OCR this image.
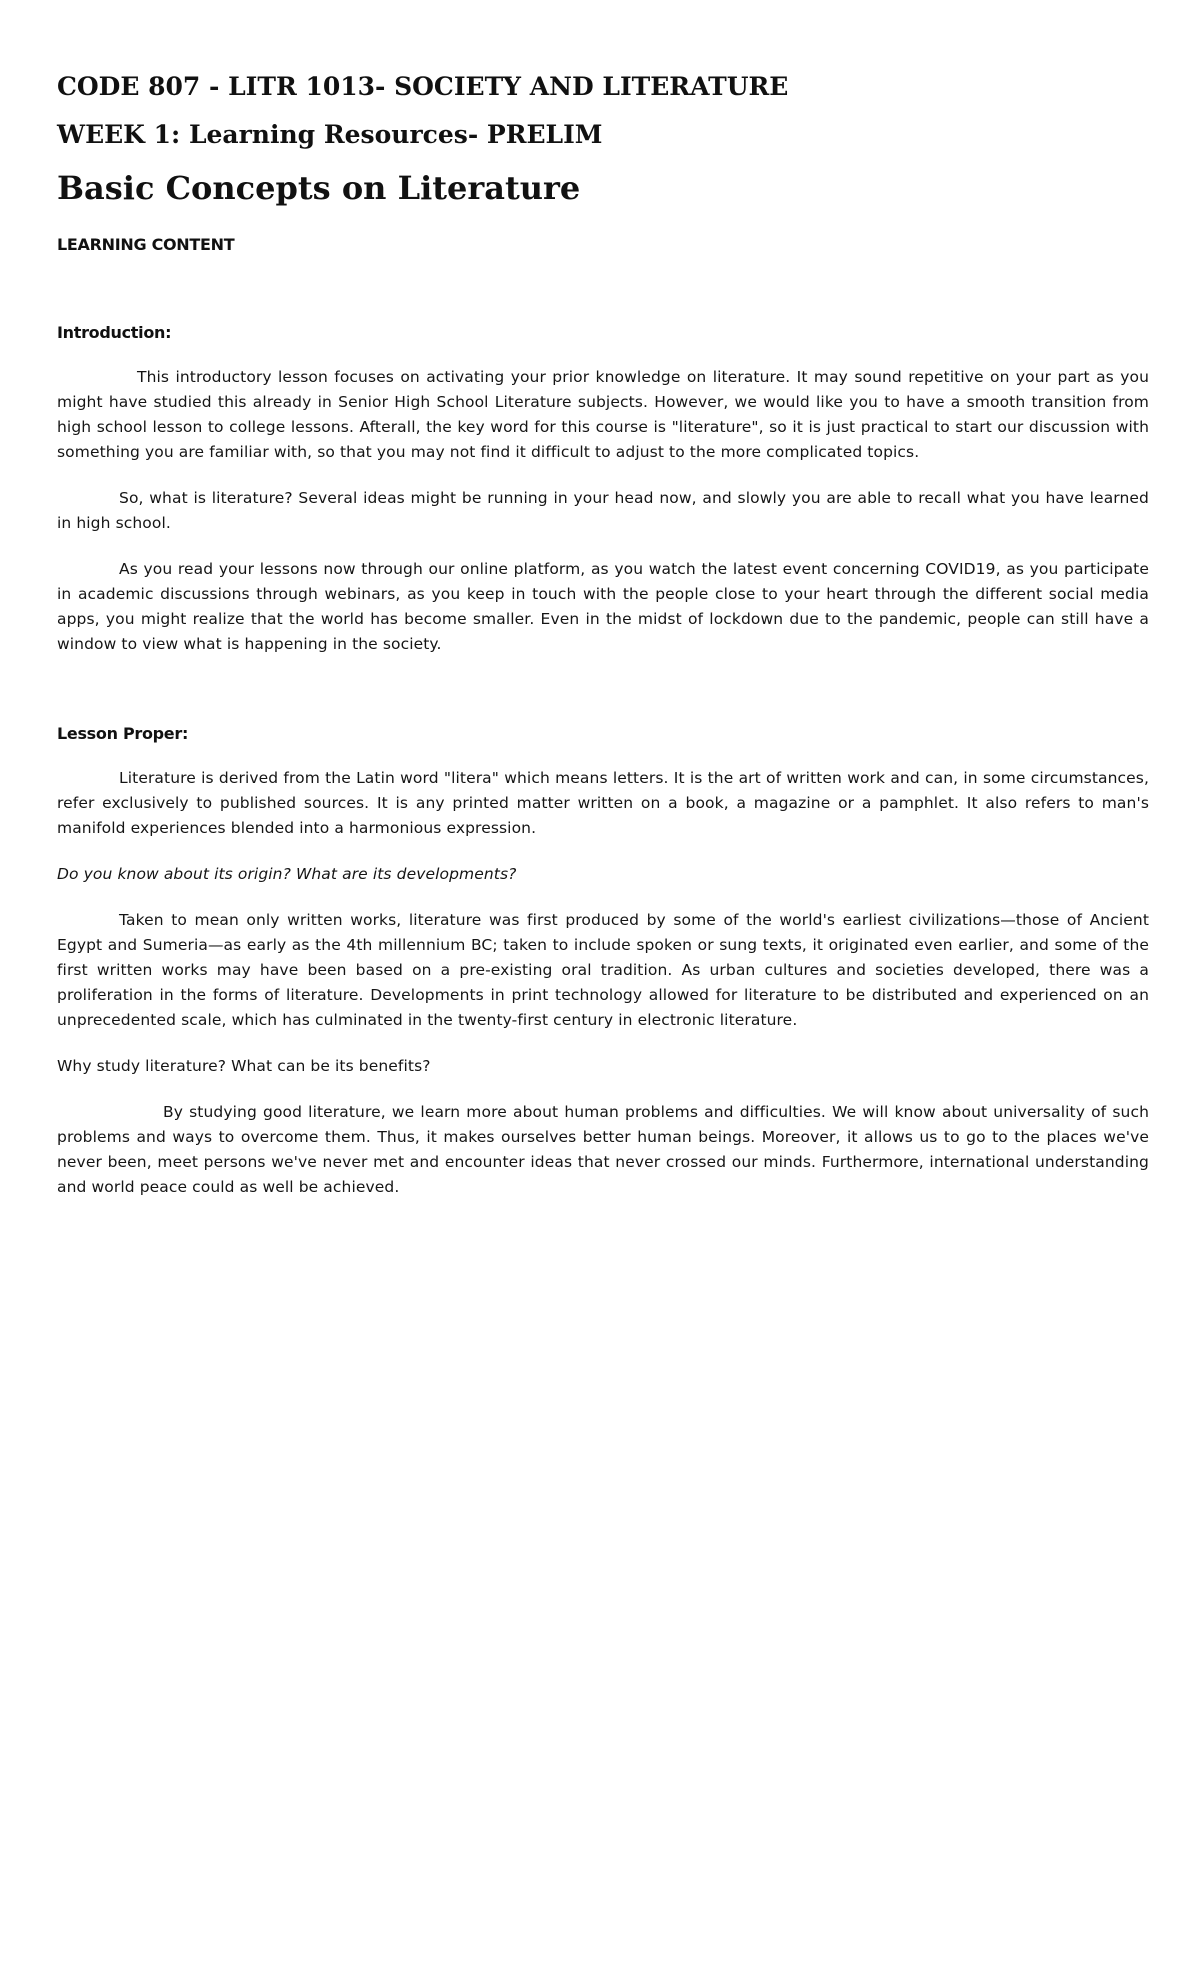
CODE 807 - LITR 1013- SOCIETY AND LITERATURE
WEEK 1: Learning Resources- PRELIM
Basic Concepts on Literature
LEARNING CONTENT
Introduction:

This introductory lesson focuses on activating your prior knowledge on literature. It may sound repetitive on your part as you might have studied this already in Senior High School Literature subjects. However, we would like you to have a smooth transition from high school lesson to college lessons. Afterall, the key word for this course is "literature", so it is just practical to start our discussion with something you are familiar with, so that you may not find it difficult to adjust to the more complicated topics.

So, what is literature? Several ideas might be running in your head now, and slowly you are able to recall what you have learned in high school.

As you read your lessons now through our online platform, as you watch the latest event concerning COVID19, as you participate in academic discussions through webinars, as you keep in touch with the people close to your heart through the different social media apps, you might realize that the world has become smaller. Even in the midst of lockdown due to the pandemic, people can still have a window to view what is happening in the society.

Lesson Proper:

Literature is derived from the Latin word "litera" which means letters. It is the art of written work and can, in some circumstances, refer exclusively to published sources. It is any printed matter written on a book, a magazine or a pamphlet. It also refers to man's manifold experiences blended into a harmonious expression.

Do you know about its origin? What are its developments?

Taken to mean only written works, literature was first produced by some of the world's earliest civilizations—those of Ancient Egypt and Sumeria—as early as the 4th millennium BC; taken to include spoken or sung texts, it originated even earlier, and some of the first written works may have been based on a pre-existing oral tradition. As urban cultures and societies developed, there was a proliferation in the forms of literature. Developments in print technology allowed for literature to be distributed and experienced on an unprecedented scale, which has culminated in the twenty-first century in electronic literature.

Why study literature? What can be its benefits?

By studying good literature, we learn more about human problems and difficulties. We will know about universality of such problems and ways to overcome them. Thus, it makes ourselves better human beings. Moreover, it allows us to go to the places we've never been, meet persons we've never met and encounter ideas that never crossed our minds. Furthermore, international understanding and world peace could as well be achieved.
